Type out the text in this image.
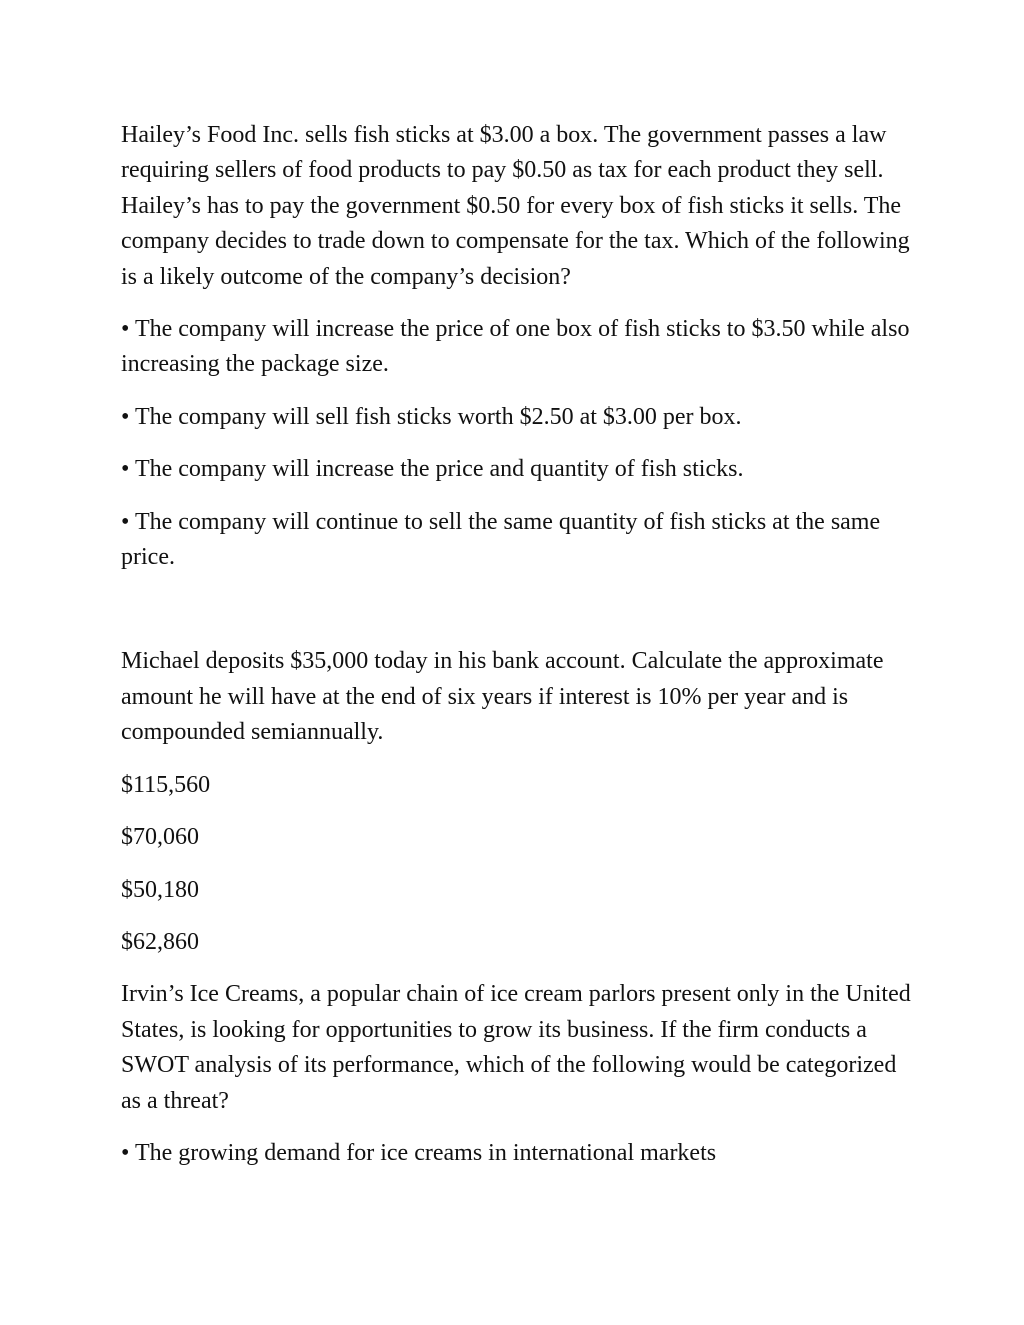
Hailey’s Food Inc. sells fish sticks at $3.00 a box. The government passes a law requiring sellers of food products to pay $0.50 as tax for each product they sell. Hailey’s has to pay the government $0.50 for every box of fish sticks it sells. The company decides to trade down to compensate for the tax. Which of the following is a likely outcome of the company’s decision?

• The company will increase the price of one box of fish sticks to $3.50 while also increasing the package size.

• The company will sell fish sticks worth $2.50 at $3.00 per box.

• The company will increase the price and quantity of fish sticks.

• The company will continue to sell the same quantity of fish sticks at the same price.

Michael deposits $35,000 today in his bank account. Calculate the approximate amount he will have at the end of six years if interest is 10% per year and is compounded semiannually.

$115,560

$70,060

$50,180

$62,860

Irvin’s Ice Creams, a popular chain of ice cream parlors present only in the United States, is looking for opportunities to grow its business. If the firm conducts a SWOT analysis of its performance, which of the following would be categorized as a threat?

• The growing demand for ice creams in international markets
